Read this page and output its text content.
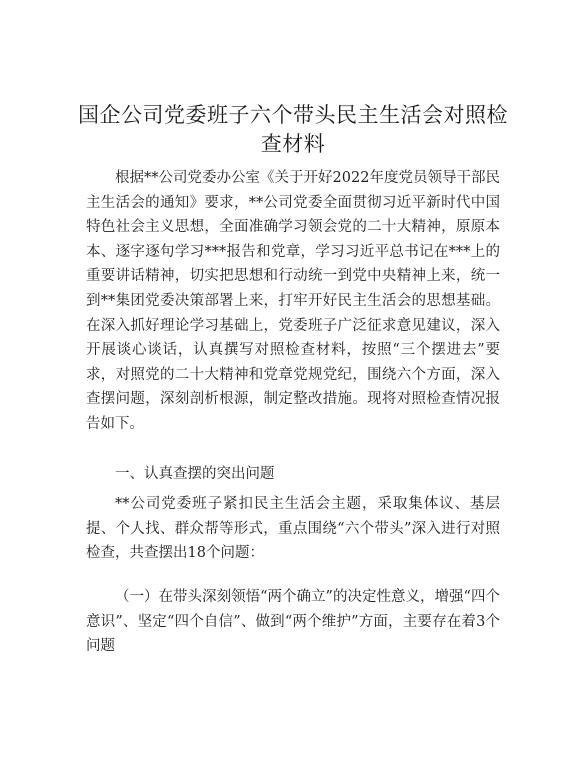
国企公司党委班子六个带头民主生活会对照检查材料

根据**公司党委办公室《关于开好2022年度党员领导干部民主生活会的通知》要求，**公司党委全面贯彻习近平新时代中国特色社会主义思想，全面准确学习领会党的二十大精神，原原本本、逐字逐句学习***报告和党章，学习习近平总书记在***上的重要讲话精神，切实把思想和行动统一到党中央精神上来，统一到**集团党委决策部署上来，打牢开好民主生活会的思想基础。在深入抓好理论学习基础上，党委班子广泛征求意见建议，深入开展谈心谈话，认真撰写对照检查材料，按照“三个摆进去”要求，对照党的二十大精神和党章党规党纪，围绕六个方面，深入查摆问题，深刻剖析根源，制定整改措施。现将对照检查情况报告如下。

一、认真查摆的突出问题

**公司党委班子紧扣民主生活会主题，采取集体议、基层提、个人找、群众帮等形式，重点围绕“六个带头”深入进行对照检查，共查摆出18个问题：

（一）在带头深刻领悟“两个确立”的决定性意义，增强“四个意识”、坚定“四个自信”、做到“两个维护”方面，主要存在着3个问题
